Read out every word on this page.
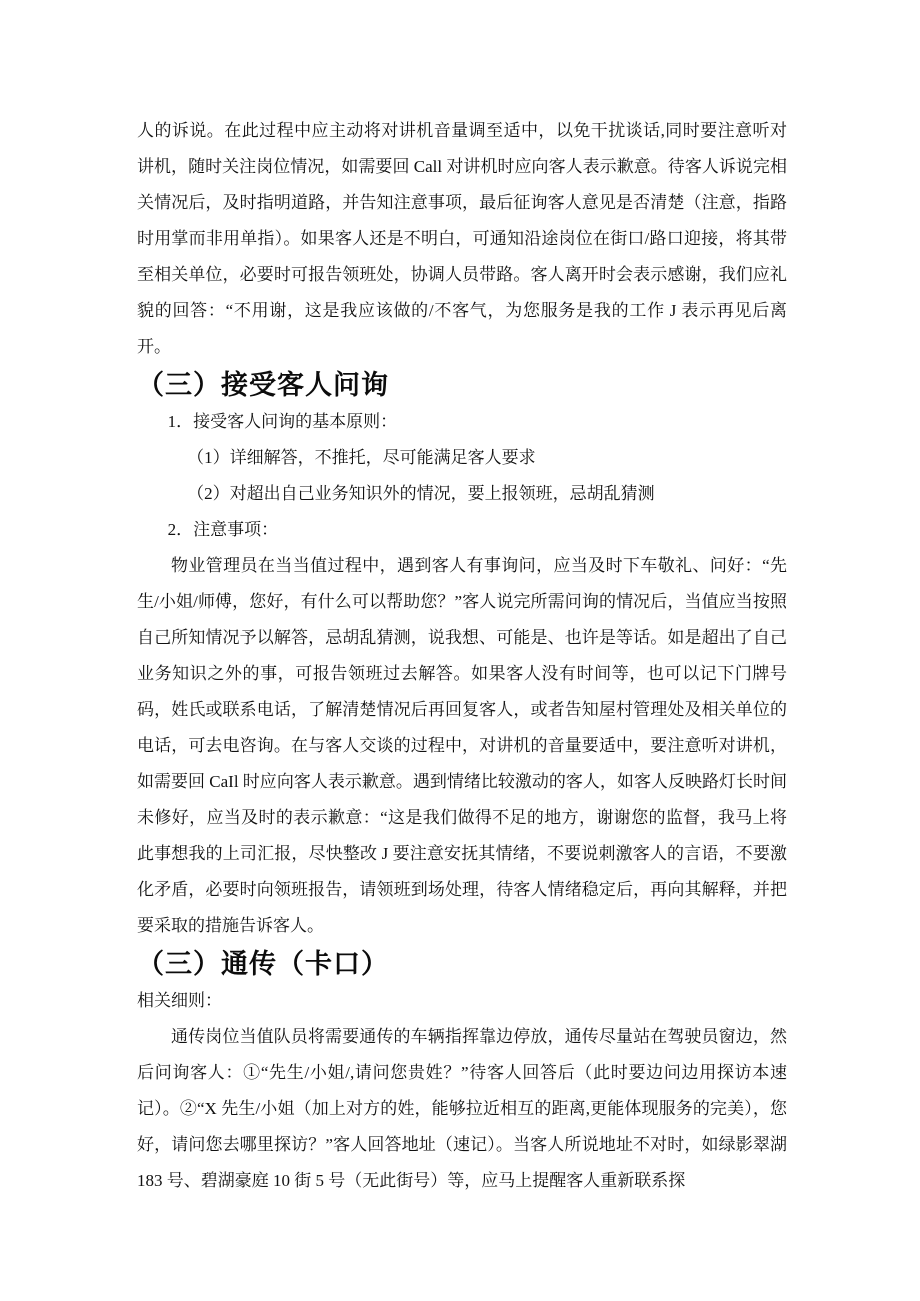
人的诉说。在此过程中应主动将对讲机音量调至适中，以免干扰谈话,同时要注意听对讲机，随时关注岗位情况，如需要回 Call 对讲机时应向客人表示歉意。待客人诉说完相关情况后，及时指明道路，并告知注意事项，最后征询客人意见是否清楚（注意，指路时用掌而非用单指）。如果客人还是不明白，可通知沿途岗位在街口/路口迎接，将其带至相关单位，必要时可报告领班处，协调人员带路。客人离开时会表示感谢，我们应礼貌的回答：“不用谢，这是我应该做的/不客气，为您服务是我的工作 J 表示再见后离开。

（三）接受客人问询

1．接受客人问询的基本原则：

（1）详细解答，不推托，尽可能满足客人要求

（2）对超出自己业务知识外的情况，要上报领班，忌胡乱猜测

2．注意事项：

物业管理员在当当值过程中，遇到客人有事询问，应当及时下车敬礼、问好：“先生/小姐/师傅，您好，有什么可以帮助您？”客人说完所需问询的情况后，当值应当按照自己所知情况予以解答，忌胡乱猜测，说我想、可能是、也许是等话。如是超出了自己业务知识之外的事，可报告领班过去解答。如果客人没有时间等，也可以记下门牌号码，姓氏或联系电话，了解清楚情况后再回复客人，或者告知屋村管理处及相关单位的电话，可去电咨询。在与客人交谈的过程中，对讲机的音量要适中，要注意听对讲机，如需要回 CaIl 时应向客人表示歉意。遇到情绪比较激动的客人，如客人反映路灯长时间未修好，应当及时的表示歉意：“这是我们做得不足的地方，谢谢您的监督，我马上将此事想我的上司汇报，尽快整改 J 要注意安抚其情绪，不要说刺激客人的言语，不要激化矛盾，必要时向领班报告，请领班到场处理，待客人情绪稳定后，再向其解释，并把要采取的措施告诉客人。

（三）通传（卡口）

相关细则：

通传岗位当值队员将需要通传的车辆指挥靠边停放，通传尽量站在驾驶员窗边，然后问询客人：①“先生/小姐/,请问您贵姓？”待客人回答后（此时要边问边用探访本速记）。②“X 先生/小姐（加上对方的姓，能够拉近相互的距离,更能体现服务的完美），您好，请问您去哪里探访？”客人回答地址（速记）。当客人所说地址不对时，如绿影翠湖 183 号、碧湖豪庭 10 街 5 号（无此街号）等，应马上提醒客人重新联系探
